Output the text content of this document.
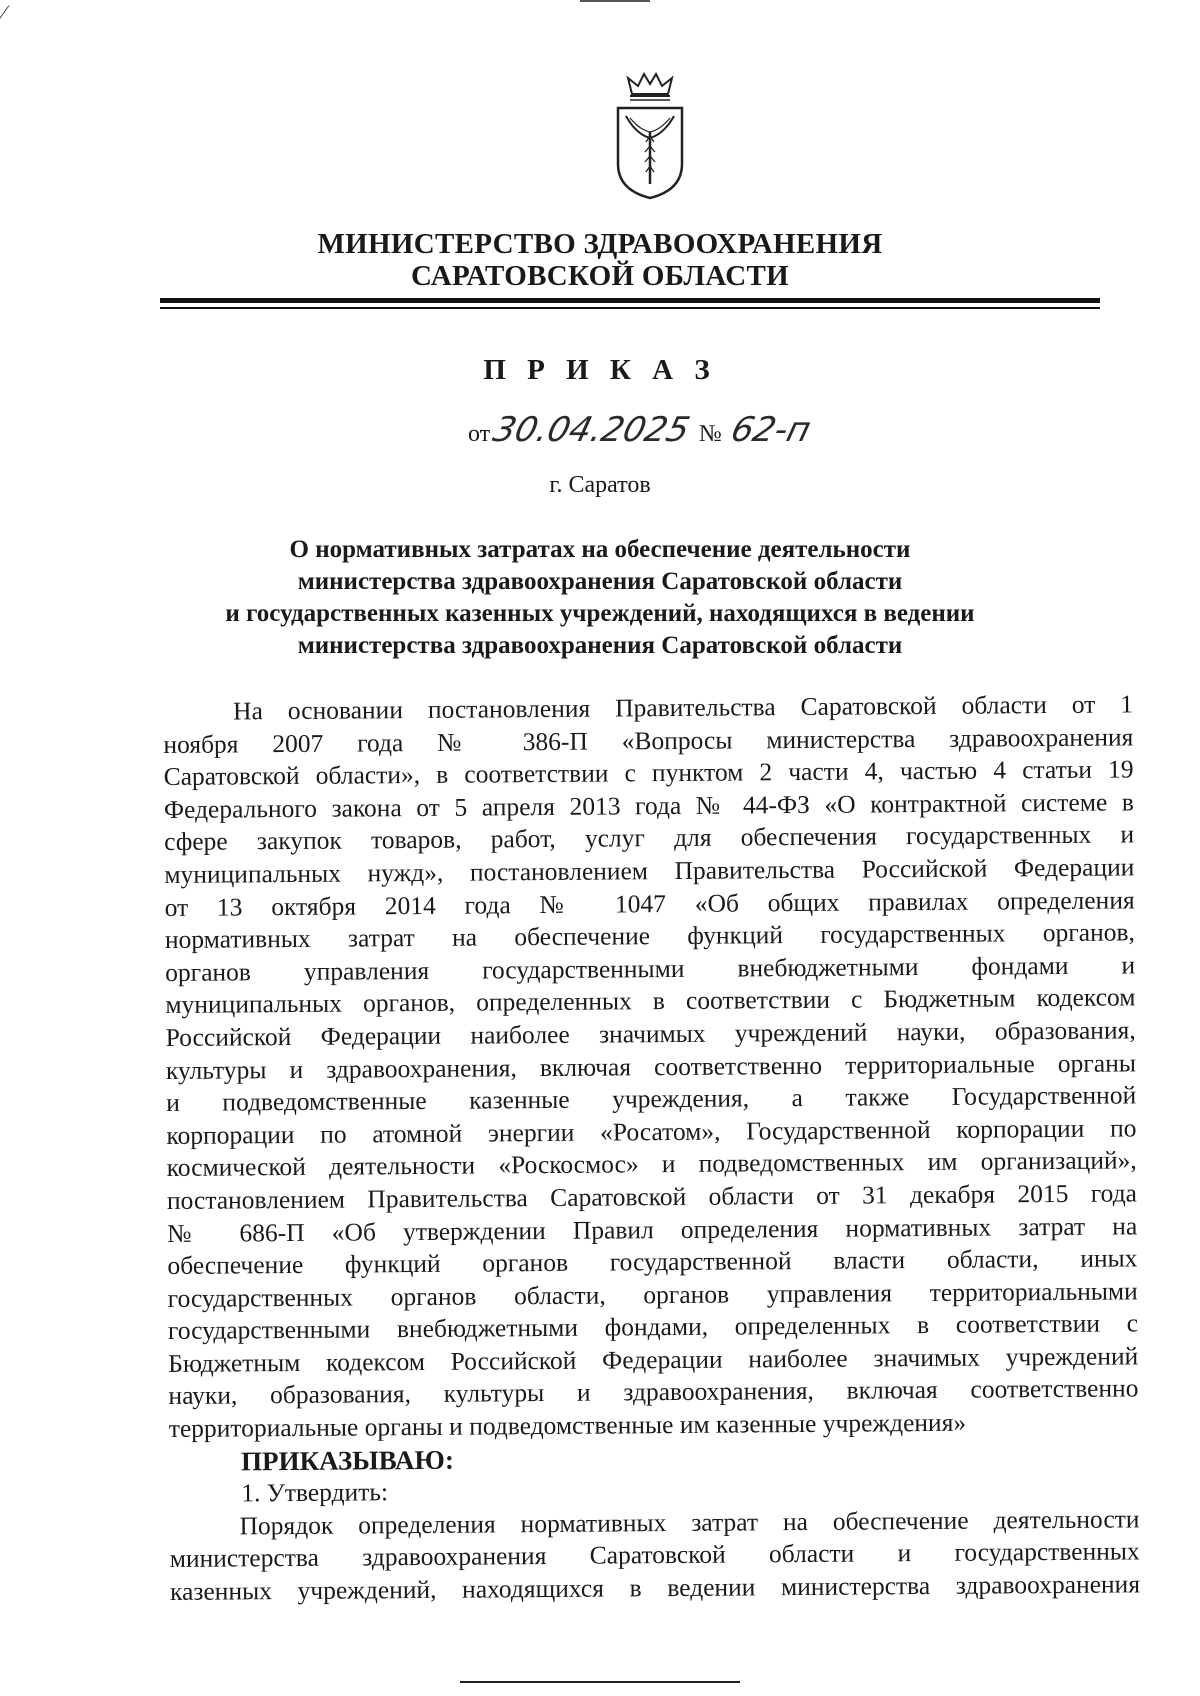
⁄
МИНИСТЕРСТВО ЗДРАВООХРАНЕНИЯ
САРАТОВСКОЙ ОБЛАСТИ
П Р И К А З
от30.04.2025 № 62-п
г. Саратов
О нормативных затратах на обеспечение деятельности
министерства здравоохранения Саратовской области
и государственных казенных учреждений, находящихся в ведении
министерства здравоохранения Саратовской области
На основании постановления Правительства Саратовской области от 1
ноября 2007 года № 386-П «Вопросы министерства здравоохранения
Саратовской области», в соответствии с пунктом 2 части 4, частью 4 статьи 19
Федерального закона от 5 апреля 2013 года № 44-ФЗ «О контрактной системе в
сфере закупок товаров, работ, услуг для обеспечения государственных и
муниципальных нужд», постановлением Правительства Российской Федерации
от 13 октября 2014 года № 1047 «Об общих правилах определения
нормативных затрат на обеспечение функций государственных органов,
органов управления государственными внебюджетными фондами и
муниципальных органов, определенных в соответствии с Бюджетным кодексом
Российской Федерации наиболее значимых учреждений науки, образования,
культуры и здравоохранения, включая соответственно территориальные органы
и подведомственные казенные учреждения, а также Государственной
корпорации по атомной энергии «Росатом», Государственной корпорации по
космической деятельности «Роскосмос» и подведомственных им организаций»,
постановлением Правительства Саратовской области от 31 декабря 2015 года
№ 686-П «Об утверждении Правил определения нормативных затрат на
обеспечение функций органов государственной власти области, иных
государственных органов области, органов управления территориальными
государственными внебюджетными фондами, определенных в соответствии с
Бюджетным кодексом Российской Федерации наиболее значимых учреждений
науки, образования, культуры и здравоохранения, включая соответственно
территориальные органы и подведомственные им казенные учреждения»
ПРИКАЗЫВАЮ:
1. Утвердить:
Порядок определения нормативных затрат на обеспечение деятельности
министерства здравоохранения Саратовской области и государственных
казенных учреждений, находящихся в ведении министерства здравоохранения
